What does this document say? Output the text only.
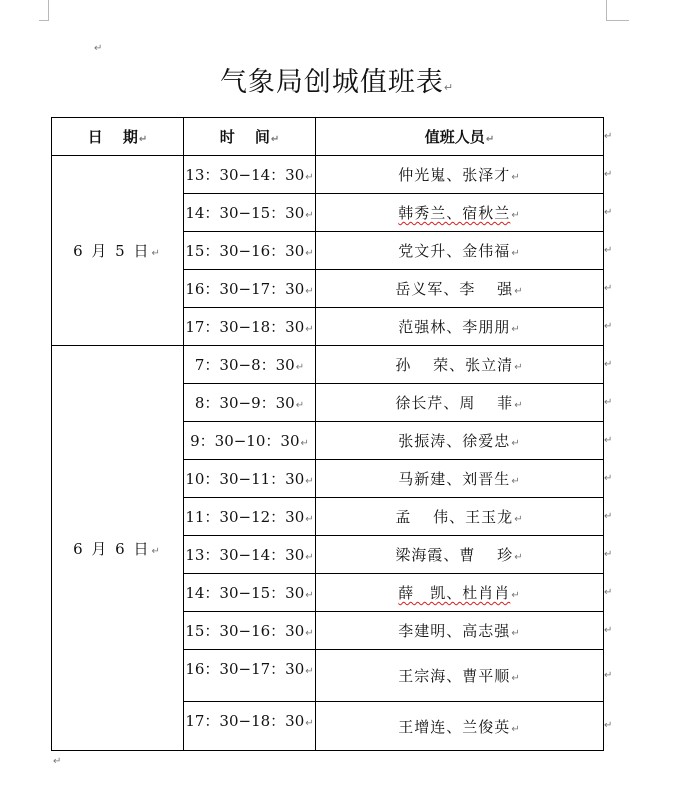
↵
气象局创城值班表↵
日　 期↵	时　 间↵	值班人员↵
6 月 5 日↵	13：30−14：30↵	仲光嵬、张泽才↵
	14：30−15：30↵	韩秀兰、宿秋兰↵
	15：30−16：30↵	党文升、金伟福↵
	16：30−17：30↵	岳义军、李　 强↵
	17：30−18：30↵	范强林、李朋朋↵
6 月 6 日↵	7：30−8：30↵	孙　 荣、张立清↵
	8：30−9：30↵	徐长芹、周　 菲↵
	9：30−10：30↵	张振涛、徐爱忠↵
	10：30−11：30↵	马新建、刘晋生↵
	11：30−12：30↵	孟　 伟、王玉龙↵
	13：30−14：30↵	梁海霞、曹　 珍↵
	14：30−15：30↵	薛　凯、杜肖肖↵
	15：30−16：30↵	李建明、高志强↵
	16：30−17：30↵	王宗海、曹平顺↵
	17：30−18：30↵	王增连、兰俊英↵
↵
↵
↵
↵
↵
↵
↵
↵
↵
↵
↵
↵
↵
↵
↵
↵
↵
